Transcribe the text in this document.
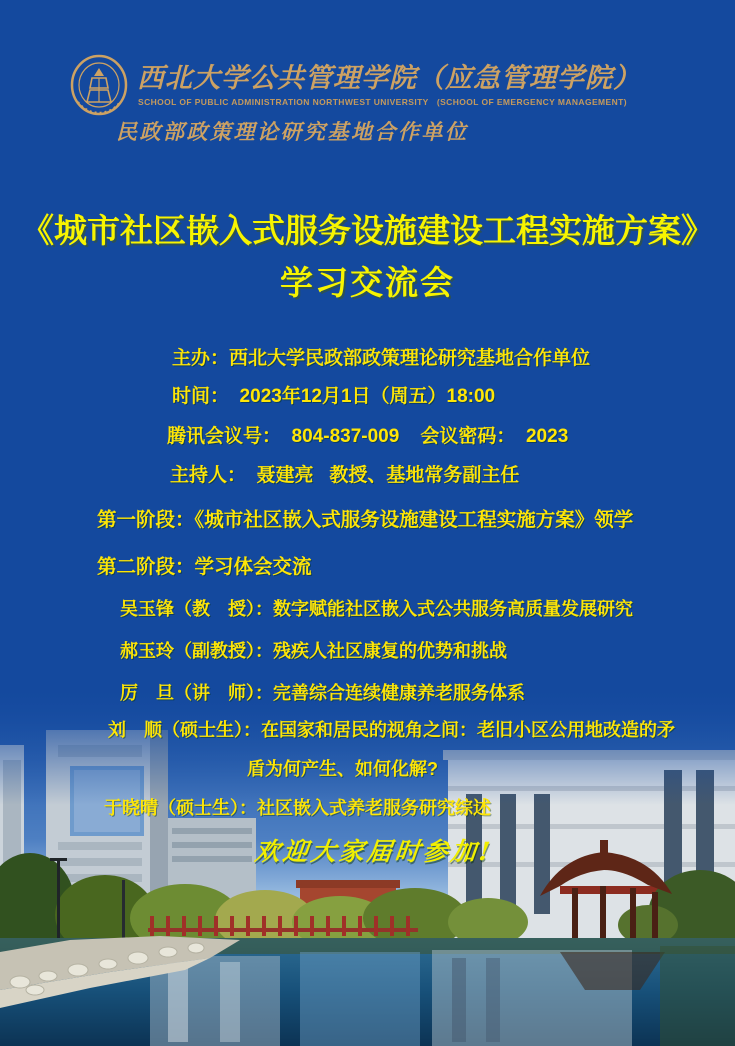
西北大学公共管理学院（应急管理学院）
SCHOOL OF PUBLIC ADMINISTRATION NORTHWEST UNIVERSITY   (SCHOOL OF EMERGENCY MANAGEMENT)
民政部政策理论研究基地合作单位
《城市社区嵌入式服务设施建设工程实施方案》
学习交流会
主办：西北大学民政部政策理论研究基地合作单位
时间：  2023年12月1日（周五）18:00
腾讯会议号：  804-837-009    会议密码：  2023
主持人：  聂建亮   教授、基地常务副主任
第一阶段：《城市社区嵌入式服务设施建设工程实施方案》领学
第二阶段：学习体会交流
吴玉锋（教　授）：数字赋能社区嵌入式公共服务高质量发展研究
郝玉玲（副教授）：残疾人社区康复的优势和挑战
厉　旦（讲　师）：完善综合连续健康养老服务体系
刘　顺（硕士生）：在国家和居民的视角之间：老旧小区公用地改造的矛
盾为何产生、如何化解?
于晓晴（硕士生）：社区嵌入式养老服务研究综述
欢迎大家届时参加!
